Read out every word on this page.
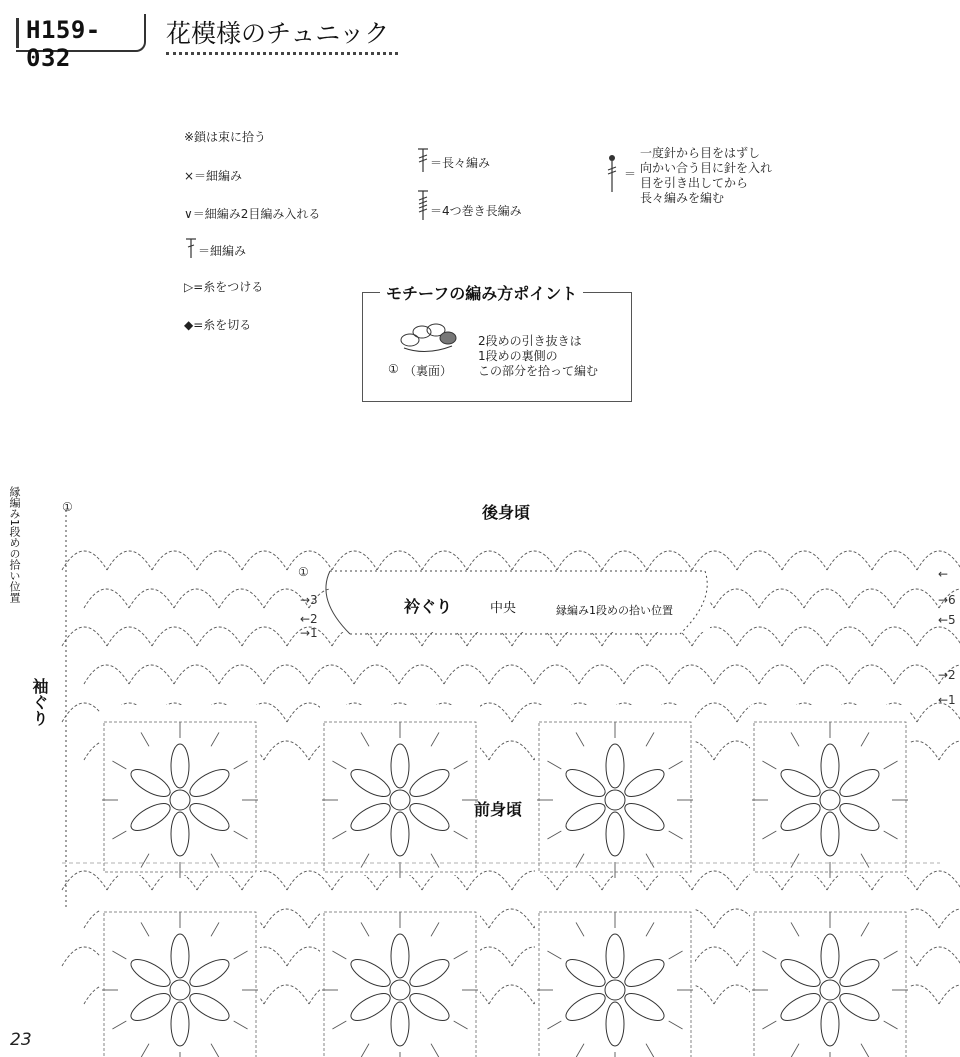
H159-032
花模様のチュニック
※鎖は束に拾う
×＝細編み
∨＝細編み2目編み入れる
＝細編み
▷=糸をつける
◆=糸を切る
＝長々編み
＝4つ巻き長編み
＝
一度針から目をはずし
向かい合う目に針を入れ
目を引き出してから
長々編みを編む
モチーフの編み方ポイント
① （裏面）
2段めの引き抜きは
1段めの裏側の
この部分を拾って編む
後身頃
前身頃
衿ぐり	中央	縁編み1段めの拾い位置
縁編み1段めの拾い位置
袖ぐり
①
→3
←2
→1
①	←
→6
←5
→2
←1
23
